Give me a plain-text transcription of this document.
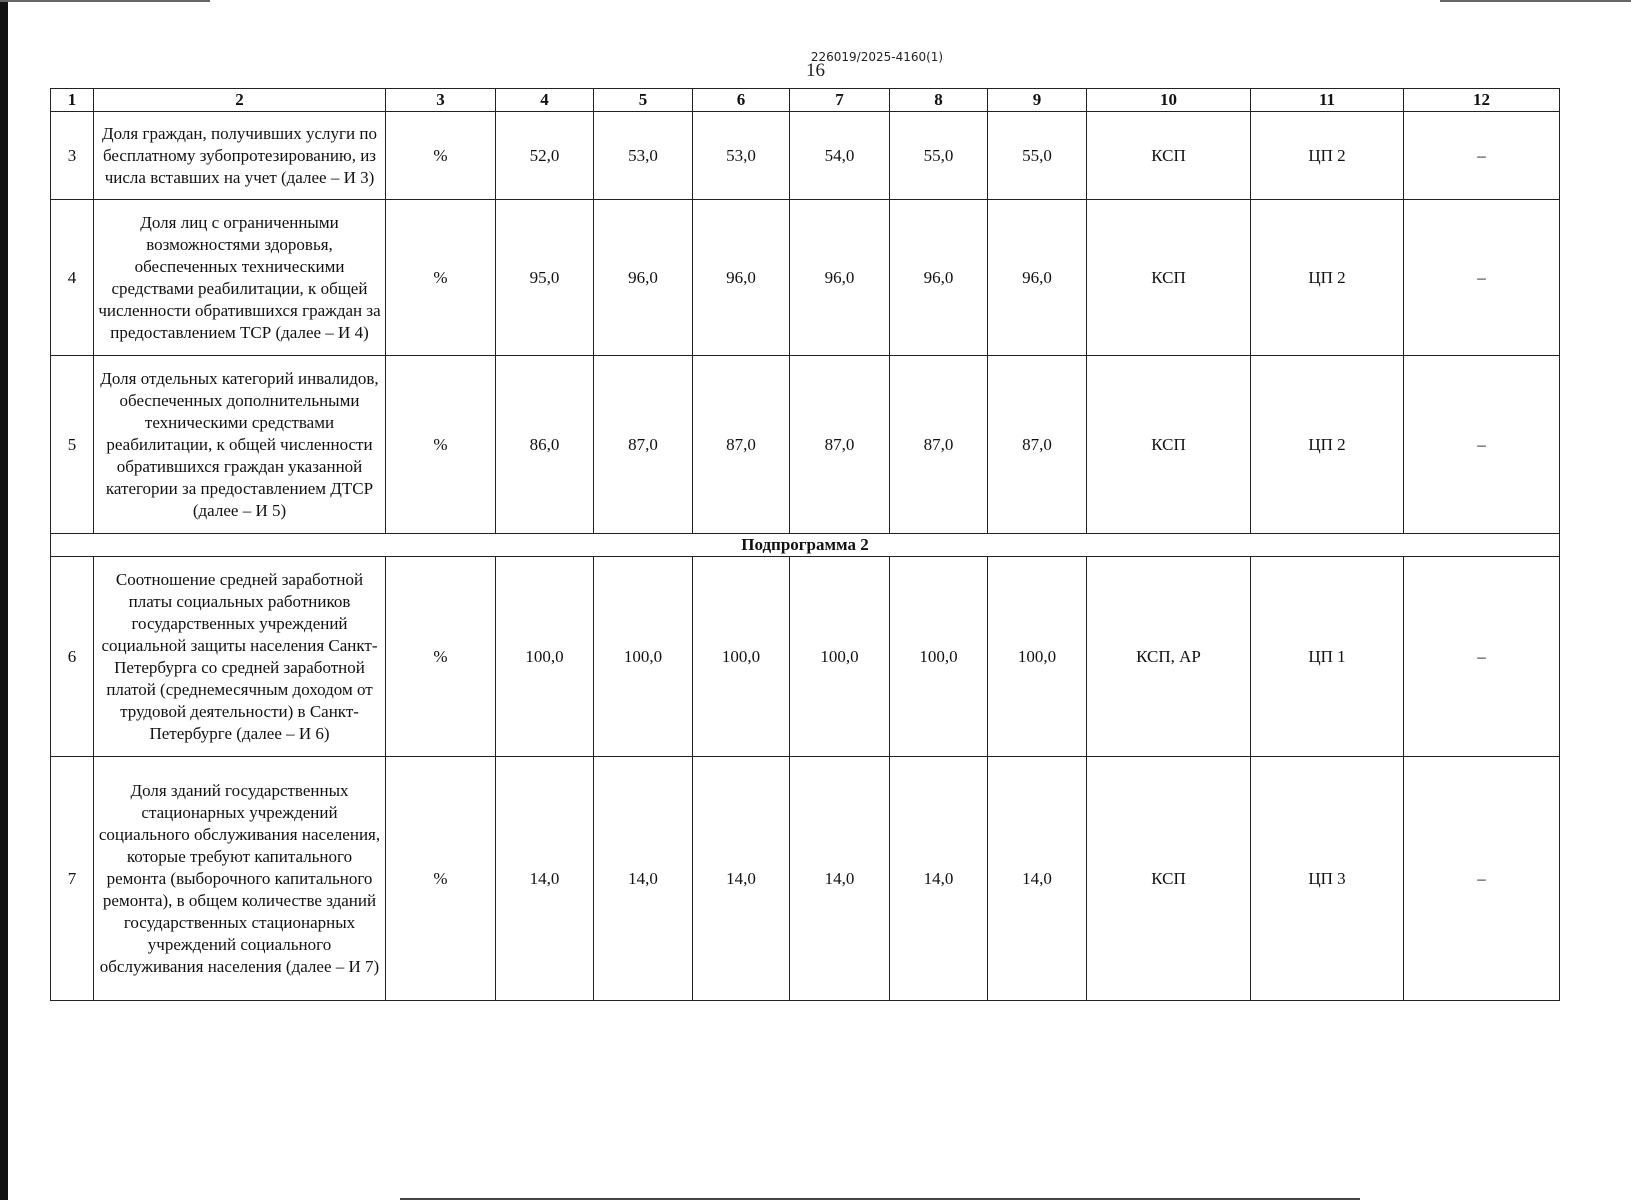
226019/2025-4160(1)
16
1	2	3	4	5	6	7	8	9	10	11	12
3	Доля граждан, получивших услуги по бесплатному зубопротезированию, из числа вставших на учет (далее – И 3)	%	52,0	53,0	53,0	54,0	55,0	55,0	КСП	ЦП 2	–
4	Доля лиц с ограниченными возможностями здоровья, обеспеченных техническими средствами реабилитации, к общей численности обратившихся граждан за предоставлением ТСР (далее – И 4)	%	95,0	96,0	96,0	96,0	96,0	96,0	КСП	ЦП 2	–
5	Доля отдельных категорий инвалидов, обеспеченных дополнительными техническими средствами реабилитации, к общей численности обратившихся граждан указанной категории за предоставлением ДТСР (далее – И 5)	%	86,0	87,0	87,0	87,0	87,0	87,0	КСП	ЦП 2	–
Подпрограмма 2											
6	Соотношение средней заработной платы социальных работников государственных учреждений социальной защиты населения Санкт-Петербурга со средней заработной платой (среднемесячным доходом от трудовой деятельности) в Санкт-Петербурге (далее – И 6)	%	100,0	100,0	100,0	100,0	100,0	100,0	КСП, АР	ЦП 1	–
7	Доля зданий государственных стационарных учреждений социального обслуживания населения, которые требуют капитального ремонта (выборочного капитального ремонта), в общем количестве зданий государственных стационарных учреждений социального обслуживания населения (далее – И 7)	%	14,0	14,0	14,0	14,0	14,0	14,0	КСП	ЦП 3	–
